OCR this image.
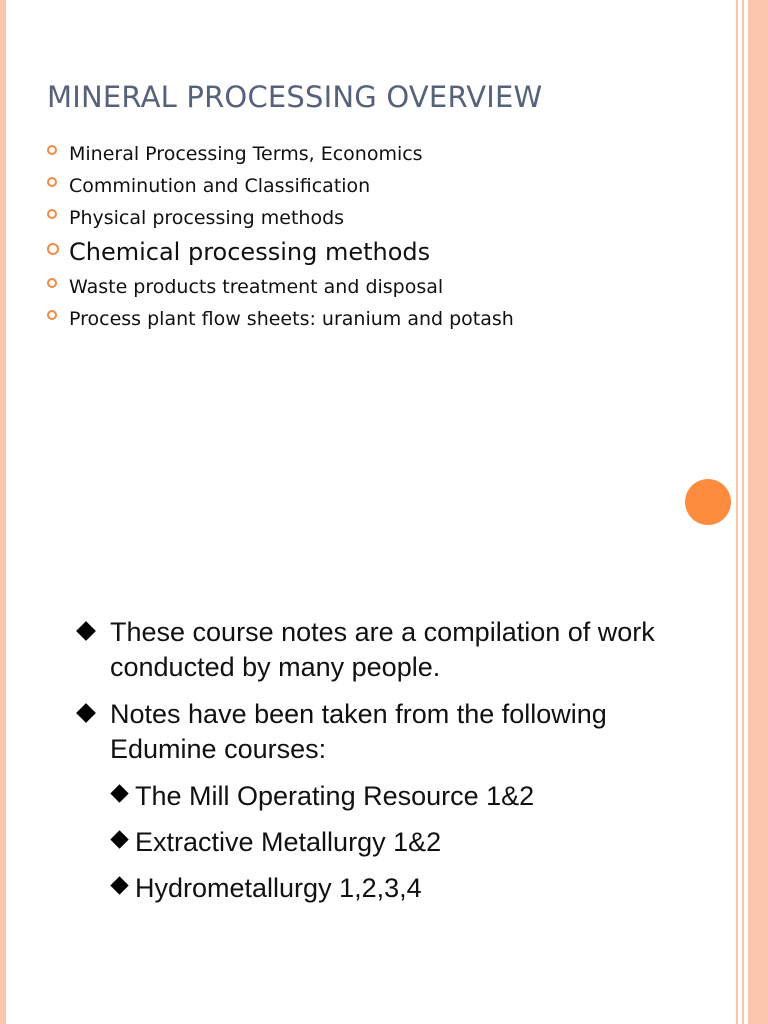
MINERAL PROCESSING OVERVIEW
Mineral Processing Terms, Economics
Comminution and Classification
Physical processing methods
Chemical processing methods
Waste products treatment and disposal
Process plant flow sheets: uranium and potash
These course notes are a compilation of work conducted by many people.
Notes have been taken from the following Edumine courses:
The Mill Operating Resource 1&2
Extractive Metallurgy 1&2
Hydrometallurgy 1,2,3,4
